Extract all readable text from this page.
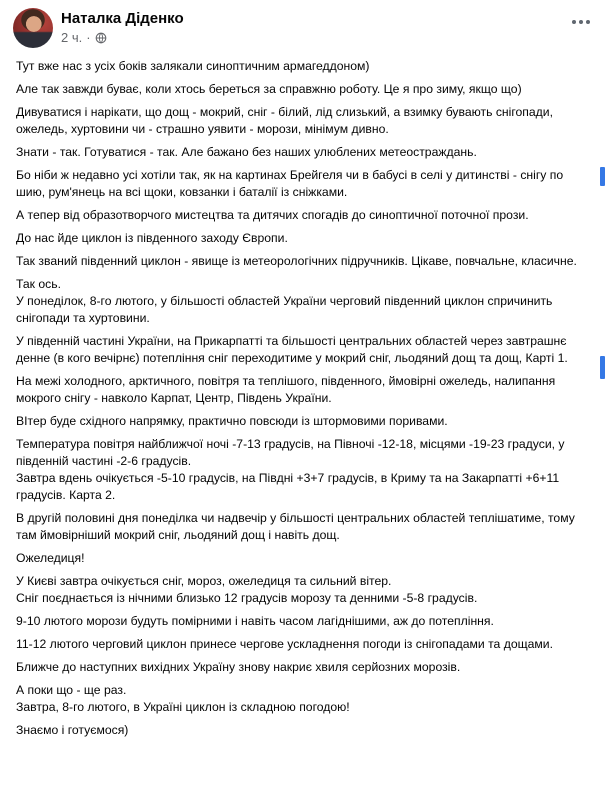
Наталка Діденко
2 ч. ·
Тут вже нас з усіх боків залякали синоптичним армагеддоном)
Але так завжди буває, коли хтось береться за справжню роботу. Це я про зиму, якщо що)
Дивуватися і нарікати, що дощ - мокрий, сніг - білий, лід слизький, а взимку бувають снігопади, ожеледь, хуртовини чи - страшно уявити - морози, мінімум дивно.
Знати - так. Готуватися - так. Але бажано без наших улюблених метеостраждань.
Бо ніби ж недавно усі хотіли так, як на картинах Брейгеля чи в бабусі в селі у дитинстві - снігу по шию, рум'янець на всі щоки, ковзанки і баталії із сніжками.
А тепер від образотворчого мистецтва та дитячих спогадів до синоптичної поточної прози.
До нас йде циклон із південного заходу Європи.
Так званий південний циклон - явище із метеорологічних підручників. Цікаве, повчальне, класичне.
Так ось.
У понеділок, 8-го лютого, у більшості областей України черговий південний циклон спричинить снігопади та хуртовини.
У південній частині України, на Прикарпатті та більшості центральних областей через завтрашнє денне (в кого вечірнє) потепління сніг переходитиме у мокрий сніг, льодяний дощ та дощ, Карті 1.
На межі холодного, арктичного, повітря та теплішого, південного, ймовірні ожеледь, налипання мокрого снігу - навколо Карпат, Центр, Південь України.
ВІтер буде східного напрямку, практично повсюди із штормовими поривами.
Температура повітря найближчої ночі -7-13 градусів, на Півночі -12-18, місцями -19-23 градуси, у південній частині -2-6 градусів.
Завтра вдень очікується -5-10 градусів, на Півдні +3+7 градусів, в Криму та на Закарпатті +6+11 градусів. Карта 2.
В другій половині дня понеділка чи надвечір у більшості центральних областей теплішатиме, тому там ймовірніший мокрий сніг, льодяний дощ і навіть дощ.
Ожеледиця!
У Києві завтра очікується сніг, мороз, ожеледиця та сильний вітер.
Сніг поєднається із нічними близько 12 градусів морозу та денними -5-8 градусів.
9-10 лютого морози будуть помірними і навіть часом лагіднішими, аж до потепління.
11-12 лютого черговий циклон принесе чергове ускладнення погоди із снігопадами та дощами.
Ближче до наступних вихідних Україну знову накриє хвиля серйозних морозів.
А поки що - ще раз.
Завтра, 8-го лютого, в Україні циклон із складною погодою!
Знаємо і готуємося)
